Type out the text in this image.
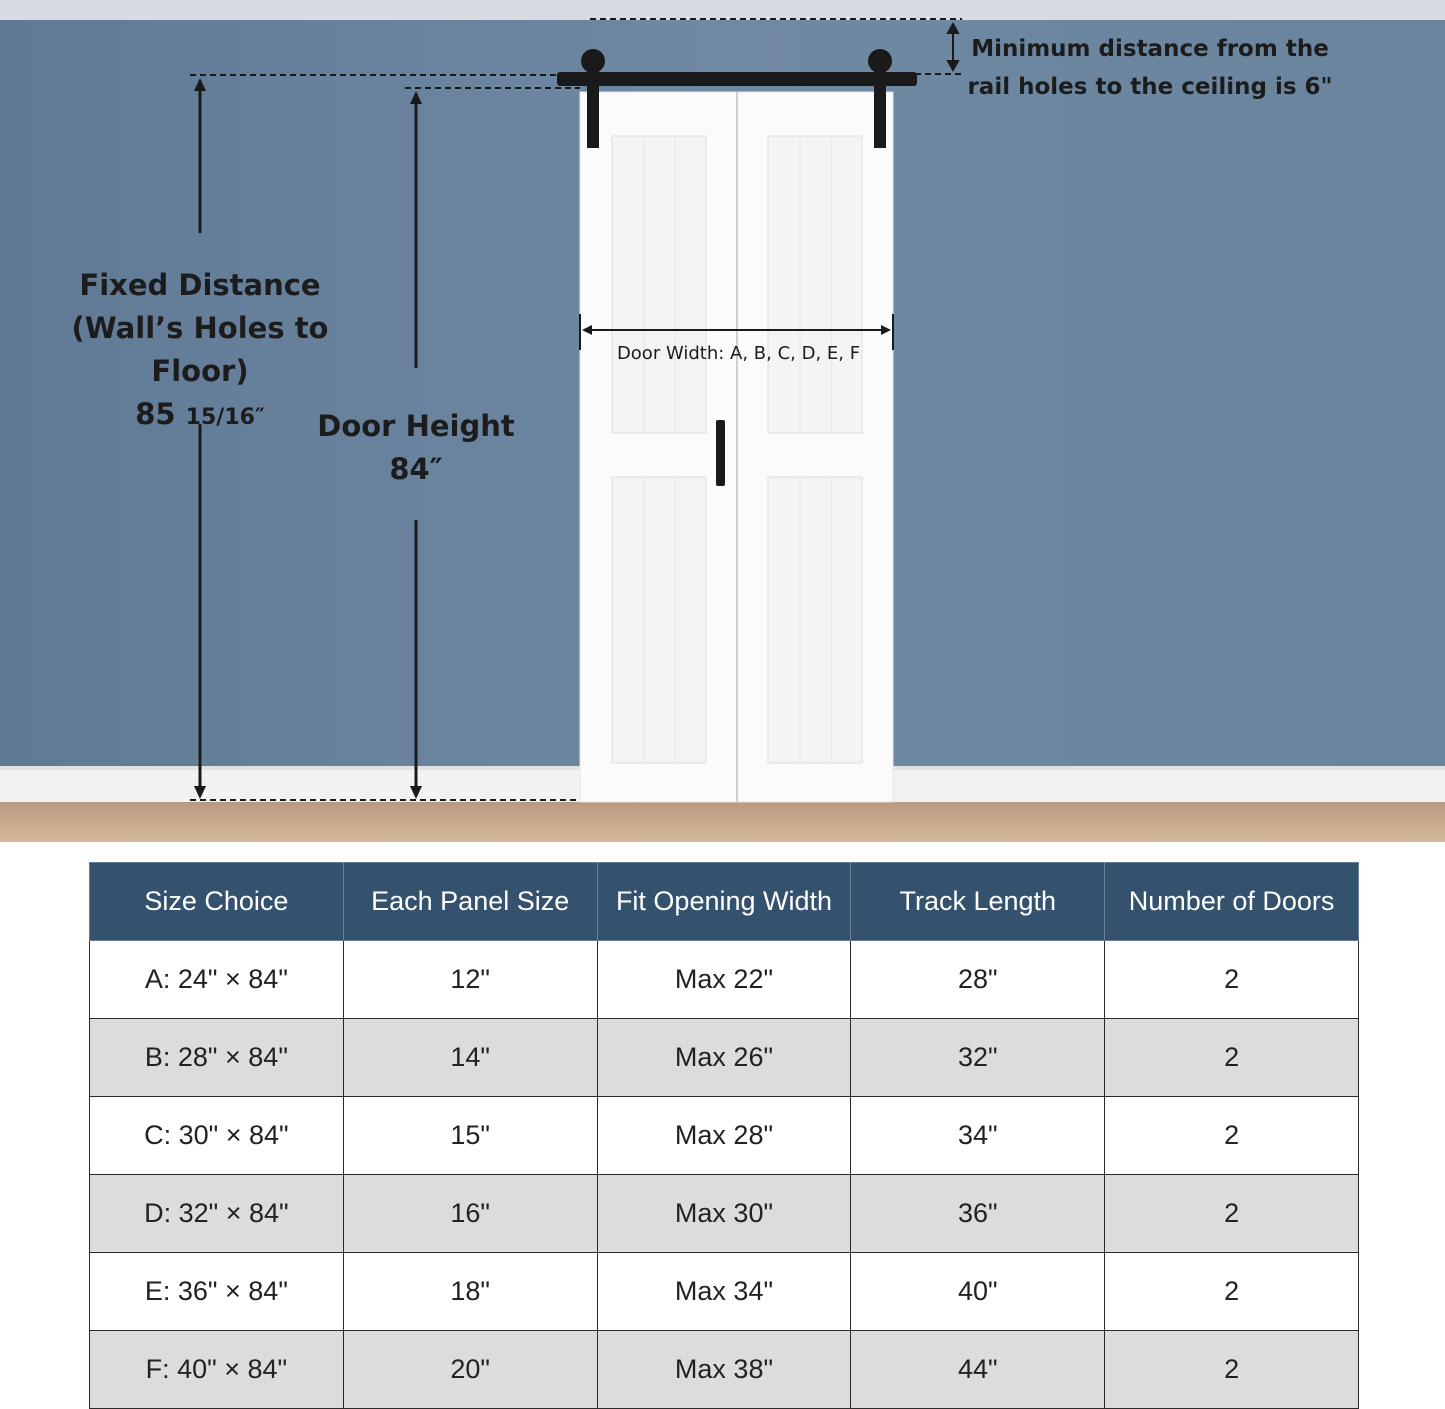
Minimum distance from the
rail holes to the ceiling is 6"
Fixed Distance
(Wall’s Holes to Floor)
85 15/16″	Door Height
84″
Door Width: A, B, C, D, E, F
Size Choice	Each Panel Size	Fit Opening Width	Track Length	Number of Doors
A: 24" × 84"	12"	Max 22"	28"	2
B: 28" × 84"	14"	Max 26"	32"	2
C: 30" × 84"	15"	Max 28"	34"	2
D: 32" × 84"	16"	Max 30"	36"	2
E: 36" × 84"	18"	Max 34"	40"	2
F: 40" × 84"	20"	Max 38"	44"	2
